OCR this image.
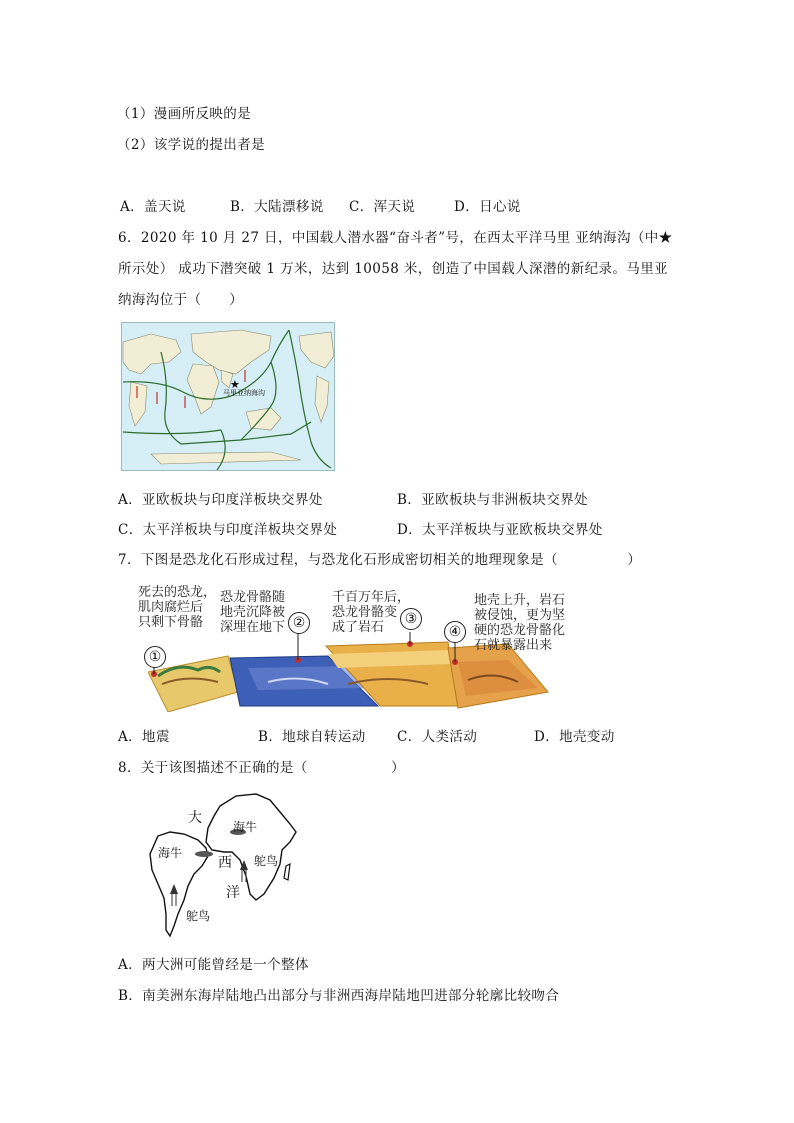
（1）漫画所反映的是
（2）该学说的提出者是
A．盖天说	B．大陆漂移说 C．浑天说	D．日心说
6．2020 年 10 月 27 日，中国载人潜水器“奋斗者”号，在西太平洋马里 亚纳海沟（中★
所示处） 成功下潜突破 1 万米，达到 10058 米，创造了中国载人深潜的新纪录。马里亚
纳海沟位于（　　）
★
马里亚纳海沟
A．亚欧板块与印度洋板块交界处	B．亚欧板块与非洲板块交界处
C．太平洋板块与印度洋板块交界处	D．太平洋板块与亚欧板块交界处
7．下图是恐龙化石形成过程，与恐龙化石形成密切相关的地理现象是（　　　　　）
死去的恐龙，
肌肉腐烂后
只剩下骨骼
恐龙骨骼随
地壳沉降被
深埋在地下
千百万年后，
恐龙骨骼变
成了岩石
地壳上升，岩石
被侵蚀，更为坚
硬的恐龙骨骼化
石就暴露出来
①
②	③
④
A．地震	B．地球自转运动 C．人类活动	D．地壳变动
8．关于该图描述不正确的是（　　　　　　）
大
海牛
海牛
西 鸵鸟
洋
鸵鸟
A．两大洲可能曾经是一个整体
B．南美洲东海岸陆地凸出部分与非洲西海岸陆地凹进部分轮廓比较吻合
